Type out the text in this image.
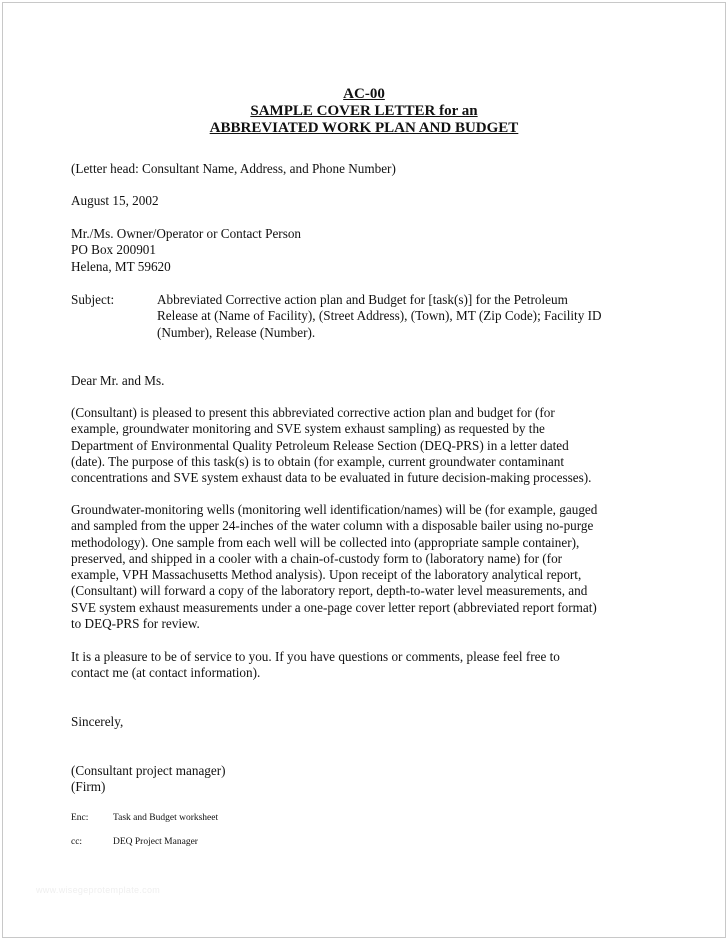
AC-00
SAMPLE COVER LETTER for an
ABBREVIATED WORK PLAN AND BUDGET
(Letter head: Consultant Name, Address, and Phone Number)
August 15, 2002
Mr./Ms. Owner/Operator or Contact Person
PO Box 200901
Helena, MT 59620
Subject:	Abbreviated Corrective action plan and Budget for [task(s)] for the Petroleum
Release at (Name of Facility), (Street Address), (Town), MT (Zip Code); Facility ID
(Number), Release (Number).
Dear Mr. and Ms.
(Consultant) is pleased to present this abbreviated corrective action plan and budget for (for
example, groundwater monitoring and SVE system exhaust sampling) as requested by the
Department of Environmental Quality Petroleum Release Section (DEQ-PRS) in a letter dated
(date). The purpose of this task(s) is to obtain (for example, current groundwater contaminant
concentrations and SVE system exhaust data to be evaluated in future decision-making processes).
Groundwater-monitoring wells (monitoring well identification/names) will be (for example, gauged
and sampled from the upper 24-inches of the water column with a disposable bailer using no-purge
methodology). One sample from each well will be collected into (appropriate sample container),
preserved, and shipped in a cooler with a chain-of-custody form to (laboratory name) for (for
example, VPH Massachusetts Method analysis). Upon receipt of the laboratory analytical report,
(Consultant) will forward a copy of the laboratory report, depth-to-water level measurements, and
SVE system exhaust measurements under a one-page cover letter report (abbreviated report format)
to DEQ-PRS for review.
It is a pleasure to be of service to you. If you have questions or comments, please feel free to
contact me (at contact information).
Sincerely,
(Consultant project manager)
(Firm)
Enc:	Task and Budget worksheet
cc:	DEQ Project Manager
www.wisegeprotemplate.com
